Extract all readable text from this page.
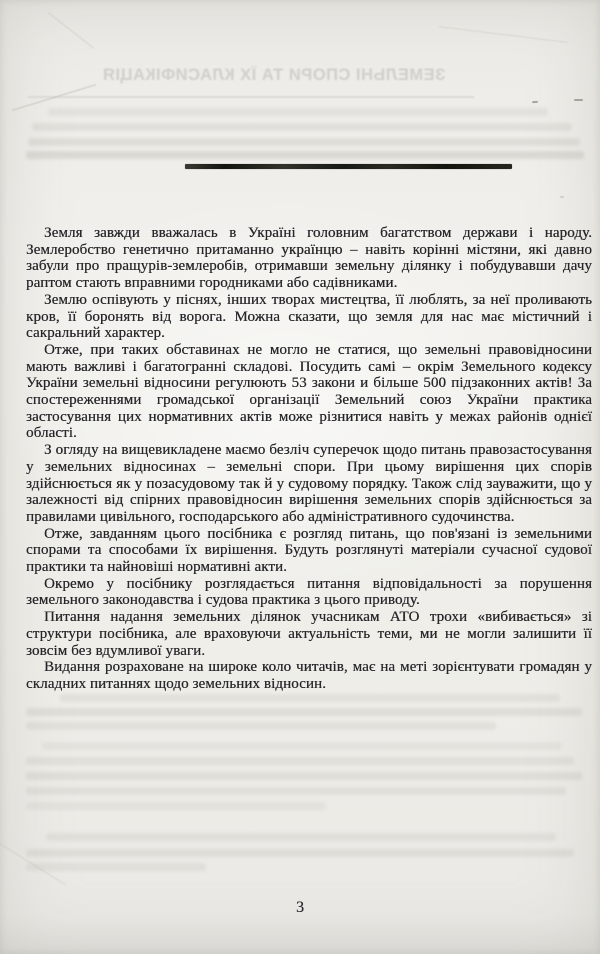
ЗЕМЕЛЬНІ СПОРИ ТА ЇХ КЛАСИФІКАЦІЯ

Земля завжди вважалась в Україні головним багатством держави і народу. Землеробство генетично притаманно українцю – навіть корінні містяни, які давно забули про пращурів-землеробів, отримавши земельну ділянку і побудувавши дачу раптом стають вправними городниками або садівниками.

Землю оспівують у піснях, інших творах мистецтва, її люблять, за неї проливають кров, її боронять від ворога. Можна сказати, що земля для нас має містичний і сакральний характер.

Отже, при таких обставинах не могло не статися, що земельні правовідносини мають важливі і багатогранні складові. Посудить самі – окрім Земельного кодексу України земельні відносини регулюють 53 закони и більше 500 підзаконних актів! За спостереженнями громадської організації Земельний союз України практика застосування цих нормативних актів може різнитися навіть у межах районів однієї області.

З огляду на вищевикладене маємо безліч суперечок щодо питань правозастосування у земельних відносинах – земельні спори. При цьому вирішення цих спорів здійснюється як у позасудовому так й у судовому порядку. Також слід зауважити, що у залежності від спірних правовідносин вирішення земельних спорів здійснюється за правилами цивільного, господарського або адміністративного судочинства.

Отже, завданням цього посібника є розгляд питань, що пов'язані із земельними спорами та способами їх вирішення. Будуть розглянуті матеріали сучасної судової практики та найновіші нормативні акти.

Окремо у посібнику розглядається питання відповідальності за порушення земельного законодавства і судова практика з цього приводу.

Питання надання земельних ділянок учасникам АТО трохи «вибивається» зі структури посібника, але враховуючи актуальність теми, ми не могли залишити її зовсім без вдумливої уваги.

Видання розраховане на широке коло читачів, має на меті зорієнтувати громадян у складних питаннях щодо земельних відносин.

3
